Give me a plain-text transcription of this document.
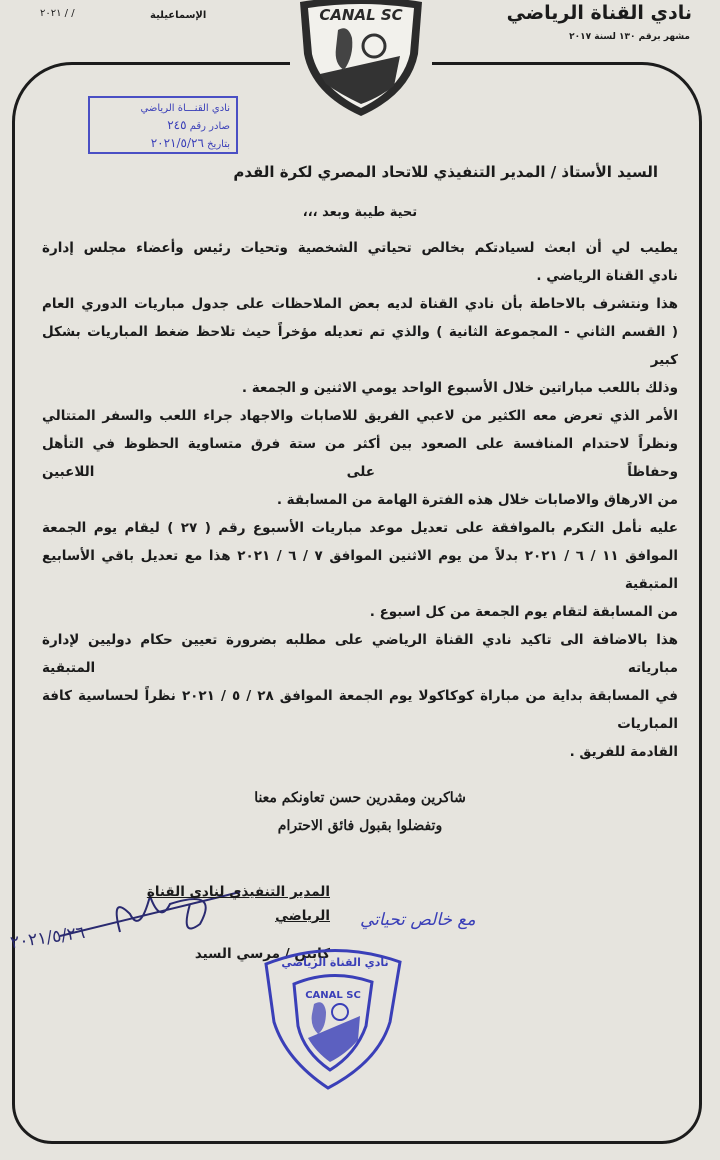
نادي القناة الرياضي
مشهر برقم ١٣٠ لسنة ٢٠١٧
الإسماعيلية
/ / ٢٠٢١	CANAL SC
نادي القنـــاة الرياضي
صادر رقم ٢٤٥
بتاريخ ٢٠٢١/٥/٢٦
السيد الأستاذ / المدير التنفيذي للاتحاد المصري لكرة القدم
تحية طيبة وبعد ،،،
يطيب لي أن ابعث لسيادتكم بخالص تحياتي الشخصية وتحيات رئيس وأعضاء مجلس إدارة
نادي القناة الرياضي .
هذا ونتشرف بالاحاطة بأن نادي القناة لديه بعض الملاحظات على جدول مباريات الدوري العام
( القسم الثاني - المجموعة الثانية ) والذي تم تعديله مؤخراً حيث تلاحظ ضغط المباريات بشكل كبير
وذلك باللعب مباراتين خلال الأسبوع الواحد يومي الاثنين و الجمعة .
الأمر الذي تعرض معه الكثير من لاعبي الفريق للاصابات والاجهاد جراء اللعب والسفر المتتالي
ونظراً لاحتدام المنافسة على الصعود بين أكثر من ستة فرق متساوية الحظوظ في التأهل وحفاظاً على اللاعبين
من الارهاق والاصابات خلال هذه الفترة الهامة من المسابقة .
عليه نأمل التكرم بالموافقة على تعديل موعد مباريات الأسبوع رقم ( ٢٧ ) ليقام يوم الجمعة
الموافق ١١ / ٦ / ٢٠٢١ بدلاً من يوم الاثنين الموافق ٧ / ٦ / ٢٠٢١ هذا مع تعديل باقي الأسابيع المتبقية
من المسابقة لتقام يوم الجمعة من كل اسبوع .
هذا بالاضافة الى تاكيد نادي القناة الرياضي على مطلبه بضرورة تعيين حكام دوليين لإدارة مبارياته المتبقية
في المسابقة بداية من مباراة كوكاكولا يوم الجمعة الموافق ٢٨ / ٥ / ٢٠٢١ نظراً لحساسية كافة المباريات
القادمة للفريق .
شاكرين ومقدرين حسن تعاونكم معنا
وتفضلوا بقبول فائق الاحترام
المدير التنفيذي لنادي القناة الرياضي
كابتن / مرسي السيد
٢٠٢١/٥/٢٦
مع خالص تحياتي
نادي القناة الرياضي
CANAL SC
